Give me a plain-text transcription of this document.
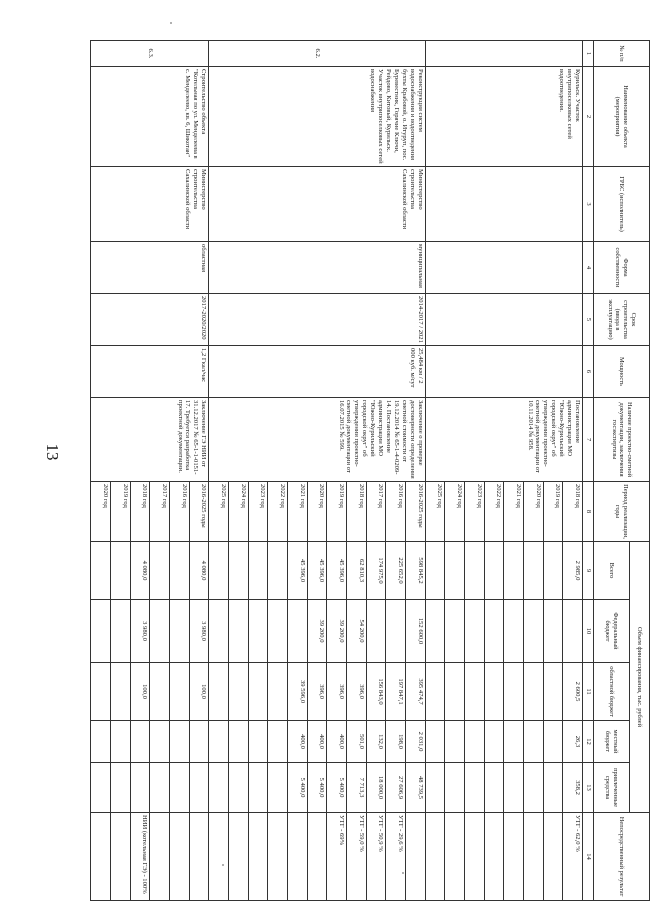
13
№ п/п	Наименование объекта (мероприятия)	ГРБС (исполнитель)	Форма собственности	Срок строительства (ввода в эксплуатацию)	Мощность	Наличие проектно-сметной документации, заключения госэкспертизы	Период реализации, годы	Объем финансирования, тыс. рублей					Непосредственный результат
								Всего	Федеральный бюджет	областной бюджет	местный бюджет	привлеченные средства	
1	2	3	4	5	6	7	8	9	10	11	12	13	14
	Курильск. Участок внутрипоселковых сетей водоотведения.					Постановление администрации МО "Южно-Курильский городской округ" об утверждении проектно-сметной документации от 10.11.2014 № 958.	2018 год	2 985,0		2 600,5	26,3	358,2	УТГ - 62,0 %
							2019 год						
							2020 год						
							2021 год						
							2022 год						
							2023 год						
							2024 год						
							2025 год						
6.2.	Реконструкция систем водоснабжения и водоотведения бухты Крабовой, о. Итуруп, пос. Буревестник, Горячие Ключи, Рейдово, Китовый, Курильск. Участок внутрипоселковых сетей водоснабжения	Министерство строительства Сахалинской области	муниципальная	2014-2017 / 2021	25,484 км / 2 000 куб. м/сут	Заключение о проверке достоверности определения сметной стоимости от 19.12.2014 № 65-1-4-0209-14. Постановление администрации МО "Южно-Курильский городской округ" об утверждении проектно-сметной документации от 16.07.2015 № 599.	2016-2025 годы	598 845,2	152 600,0	395 474,7	2 031,0	48 739,5	
							2016 год	225 652,0		197 847,1	198,0	27 606,9	УТГ - 29,6 %
							2017 год	174 975,0		156 843,0	132,0	18 000,0	УТГ - 50,9 %
							2018 год	62 810,3	54 200,0	396,0	501,0	7 713,3	УТГ - 59,0 %
							2019 год	45 396,0	39 200,0	396,0	400,0	5 400,0	УТГ - 69%
							2020 год	45 396,0	39 200,0	396,0	400,0	5 400,0	
							2021 год	45 396,0		39 596,0	400,0	5 400,0	
							2022 год						
							2023 год						
							2024 год						
							2025 год						
6.3.	Строительство объекта "Котельная по ул. Менделеева в с. Менделеево, кв. 6, Шикотан"	Министерство строительства Сахалинской области	областная	2017-2020/2020	1,2 Гкал/час	Заключение ГЭ НИИ от 31.12.2017 № 65-1-1-0151-17. Требуется разработка проектной документации.	2016-2025 годы	4 080,0	3 980,0	100,0			
							2016 год						
							2017 год						
							2018 год	4 080,0	3 980,0	100,0			НИИ (котельная ГЭ) - 100%
							2019 год						
							2020 год						
